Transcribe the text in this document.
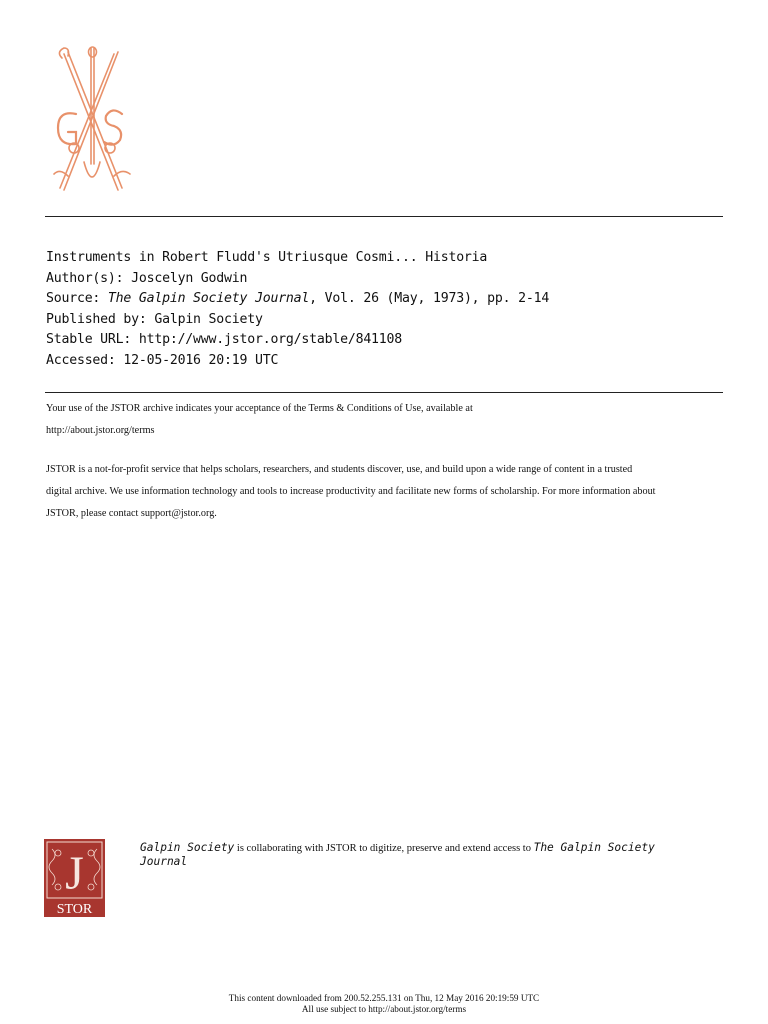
Instruments in Robert Fludd's Utriusque Cosmi... Historia
Author(s): Joscelyn Godwin
Source: The Galpin Society Journal, Vol. 26 (May, 1973), pp. 2-14
Published by: Galpin Society
Stable URL: http://www.jstor.org/stable/841108
Accessed: 12-05-2016 20:19 UTC
Your use of the JSTOR archive indicates your acceptance of the Terms & Conditions of Use, available at
http://about.jstor.org/terms
JSTOR is a not-for-profit service that helps scholars, researchers, and students discover, use, and build upon a wide range of content in a trusted
digital archive. We use information technology and tools to increase productivity and facilitate new forms of scholarship. For more information about
JSTOR, please contact support@jstor.org.
J
STOR
Galpin Society is collaborating with JSTOR to digitize, preserve and extend access to The Galpin Society
Journal
This content downloaded from 200.52.255.131 on Thu, 12 May 2016 20:19:59 UTC
All use subject to http://about.jstor.org/terms
